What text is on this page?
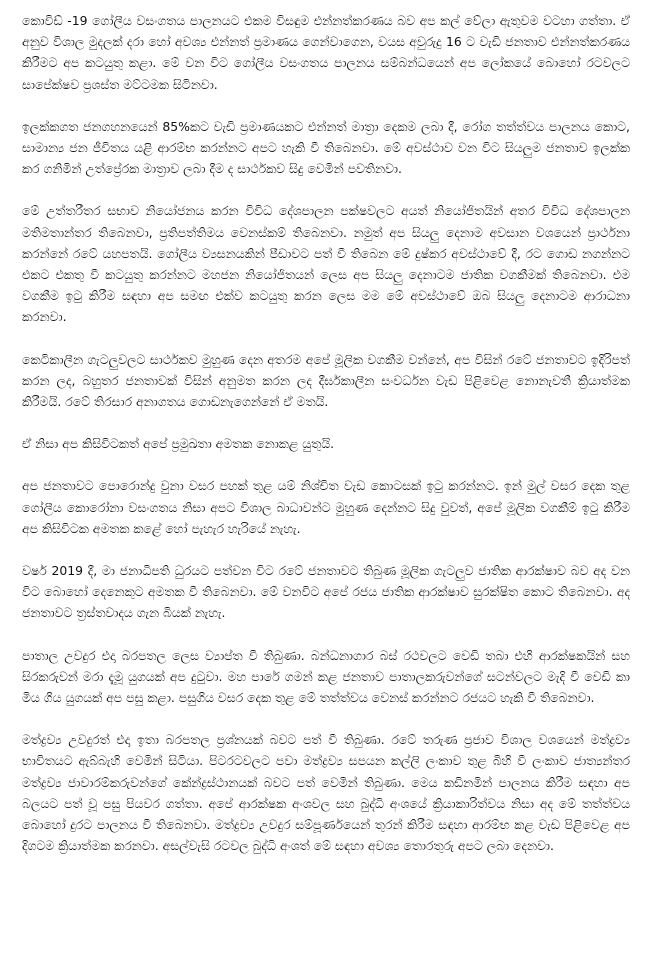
කොවිඩ් -19 ගෝලීය වසංගතය පාලනයට එකම විසඳුම එන්නත්කරණය බව අප කල් වේලා ඇතුවම වටහා ගත්තා. ඒ අනුව විශාල මුදලක් දරා හෝ අවශ්‍ය එන්නත් ප්‍රමාණය ගෙන්වාගෙන, වයස අවුරුදු 16 ට වැඩි ජනතාව එන්නත්කරණය කිරීමට අප කටයුතු කළා. මේ වන විට ගෝලීය වසංගතය පාලනය සම්බන්ධයෙන් අප ලෝකයේ බොහෝ රටවලට සාපේක්ෂව ප්‍රශස්ත මට්ටමක සිටිනවා.

ඉලක්කගත ජනගහනයෙන් 85%කට වැඩි ප්‍රමාණයකට එන්නත් මාත්‍රා දෙකම ලබා දී, රෝග තත්ත්වය පාලනය කොට, සාමාන්‍ය ජන ජීවිතය යළි ආරම්භ කරන්නට අපට හැකි වී තිබෙනවා. මේ අවස්ථාව වන විට සියලුම ජනතාව ඉලක්ක කර ගනිමින් උත්ප්‍රේරක මාත්‍රාව ලබා දීම ද සාර්ථකව සිදු වෙමින් පවතිනවා.

මේ උත්තරීතර සභාව නියෝජනය කරන විවිධ දේශපාලන පක්ෂවලට අයත් නියෝජිතයින් අතර විවිධ දේශපාලන මතිමතාන්තර තිබෙනවා, ප්‍රතිපත්තිමය වෙනස්කම් තිබෙනවා. නමුත් අප සියලු දෙනාම අවසාන වශයෙන් ප්‍රාර්ථනා කරන්නේ රටේ යහපතයි. ගෝලීය ව්‍යසනයකින් පීඩාවට පත් වී තිබෙන මේ දුෂ්කර අවස්ථාවේ දී, රට ගොඩ නගන්නට එකට එකතු වී කටයුතු කරන්නට මහජන නියෝජිතයන් ලෙස අප සියලු දෙනාටම ජාතික වගකීමක් තිබෙනවා. එම වගකීම ඉටු කිරීම සඳහා අප සමඟ එක්ව කටයුතු කරන ලෙස මම මේ අවස්ථාවේ ඔබ සියලු දෙනාටම ආරාධනා කරනවා.

කෙටිකාලීන ගැටලුවලට සාර්ථකව මුහුණ දෙන අතරම අපේ මූලික වගකීම වන්නේ, අප විසින් රටේ ජනතාවට ඉදිරිපත් කරන ලද, බහුතර ජනතාවක් විසින් අනුමත කරන ලද දීර්ඝකාලීන සංවර්ධන වැඩ පිළිවෙළ නොනැවතී ක්‍රියාත්මක කිරීමයි. රටේ තිරසාර අනාගතය ගොඩනැගෙන්නේ ඒ මතයි.

ඒ නිසා අප කිසිවිටකත් අපේ ප්‍රමුඛතා අමතක නොකළ යුතුයි.

අප ජනතාවට පොරොන්දු වුනා වසර පහක් තුළ යම් නිශ්චිත වැඩ කොටසක් ඉටු කරන්නට. ඉන් මුල් වසර දෙක තුළ ගෝලීය කොරෝනා වසංගතය නිසා අපට විශාල බාධාවන්ට මුහුණ දෙන්නට සිදු වුවත්, අපේ මූලික වගකීම් ඉටු කිරීම අප කිසිවිටක අමතක කළේ හෝ පැහැර හැරියේ නැහැ.

වර්ෂ 2019 දී, මා ජනාධිපති ධුරයට පත්වන විට රටේ ජනතාවට තිබුණ මූලික ගැටලුව ජාතික ආරක්ෂාව බව අද වන විට බොහෝ දෙනෙකුට අමතක වී තිබෙනවා. මේ වනවිට අපේ රජය ජාතික ආරක්ෂාව සුරක්ෂිත කොට තිබෙනවා. අද ජනතාවට ත්‍රස්තවාදය ගැන බියක් නැහැ.

පාතාල උවදුර එදා බරපතල ලෙස ව්‍යාප්ත වී තිබුණා. බන්ධනාගාර බස් රථවලට වෙඩි තබා එහි ආරක්ෂකයින් සහ සිරකරුවන් මරා දැමූ යුගයක් අප දුටුවා. මහ පාරේ ගමන් කළ ජනතාව පාතාලකරුවන්ගේ සටන්වලට මැදි වී වෙඩි කා මිය ගිය යුගයක් අප පසු කළා. පසුගිය වසර දෙක තුළ මේ තත්ත්වය වෙනස් කරන්නට රජයට හැකි වී තිබෙනවා.

මත්ද්‍රව්‍ය උවදුරත් එදා ඉතා බරපතල ප්‍රශ්නයක් බවට පත් වී තිබුණා. රටේ තරුණ ප්‍රජාව විශාල වශයෙන් මත්ද්‍රව්‍ය භාවිතයට ඇබ්බැහි වෙමින් සිටියා. පිටරටවලට පවා මත්ද්‍රව්‍ය සපයන කල්ලි ලංකාව තුළ බිහි වී ලංකාව ජාත්‍යන්තර මත්ද්‍රව්‍ය ජාවාරම්කරුවන්ගේ කේන්ද්‍රස්ථානයක් බවට පත් වෙමින් තිබුණා. මෙය කඩිනමින් පාලනය කිරීම සඳහා අප බලයට පත් වූ පසු පියවර ගත්තා. අපේ ආරක්ෂක අංශවල සහ බුද්ධි අංශයේ ක්‍රියාකාරිත්වය නිසා අද මේ තත්ත්වය බොහෝ දුරට පාලනය වී තිබෙනවා. මත්ද්‍රව්‍ය උවදුර සම්පූර්ණයෙන් තුරන් කිරීම සඳහා ආරම්භ කළ වැඩ පිළිවෙළ අප දිගටම ක්‍රියාත්මක කරනවා. අසල්වැසි රටවල බුද්ධි අංශත් මේ සඳහා අවශ්‍ය තොරතුරු අපට ලබා දෙනවා.
